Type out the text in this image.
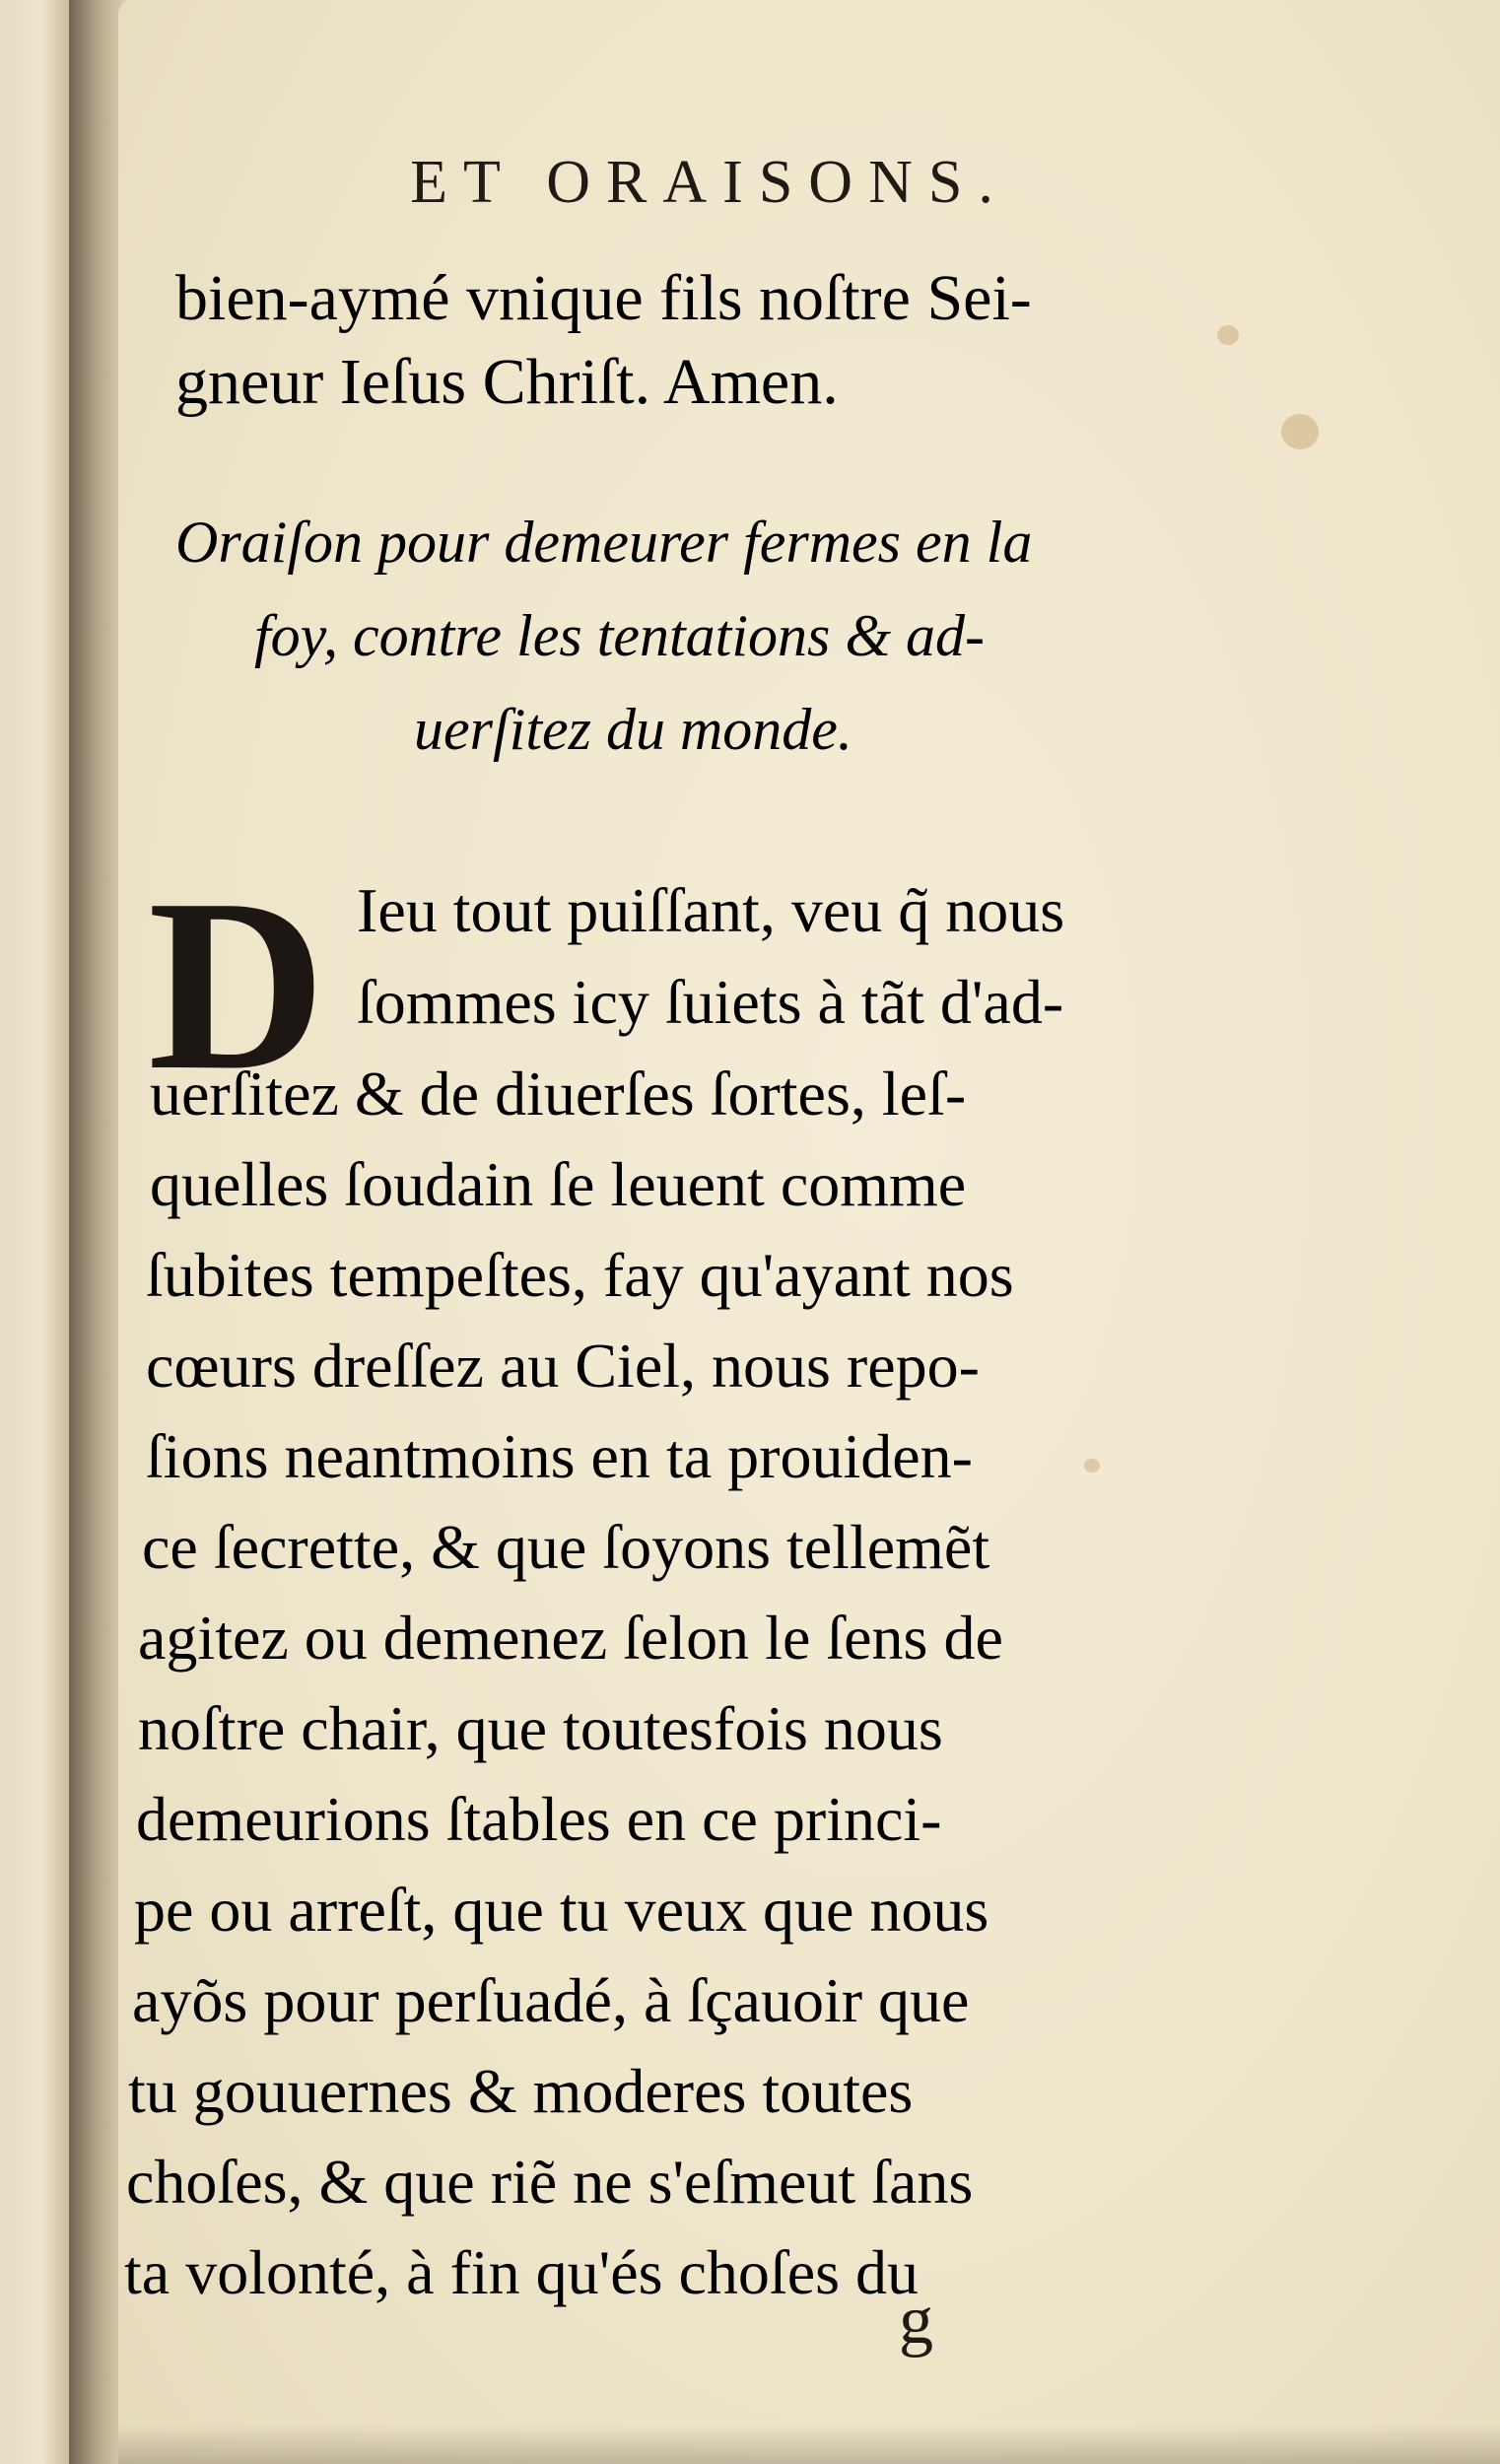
ET ORAISONS.
bien-aymé vnique fils noſtre Sei-
gneur Ieſus Chriſt. Amen.
Oraiſon pour demeurer fermes en la
foy, contre les tentations & ad-
uerſitez du monde.
D Ieu tout puiſſant, veu q̃ nous
ſommes icy ſuiets à tãt d'ad-
uerſitez & de diuerſes ſortes, leſ-
quelles ſoudain ſe leuent comme
ſubites tempeſtes, fay qu'ayant nos
cœurs dreſſez au Ciel, nous repo-
ſions neantmoins en ta prouiden-
ce ſecrette, & que ſoyons tellemẽt
agitez ou demenez ſelon le ſens de
noſtre chair, que toutesfois nous
demeurions ſtables en ce princi-
pe ou arreſt, que tu veux que nous
ayõs pour perſuadé, à ſçauoir que
tu gouuernes & moderes toutes
choſes, & que riẽ ne s'eſmeut ſans
ta volonté, à fin qu'és choſes du
g
